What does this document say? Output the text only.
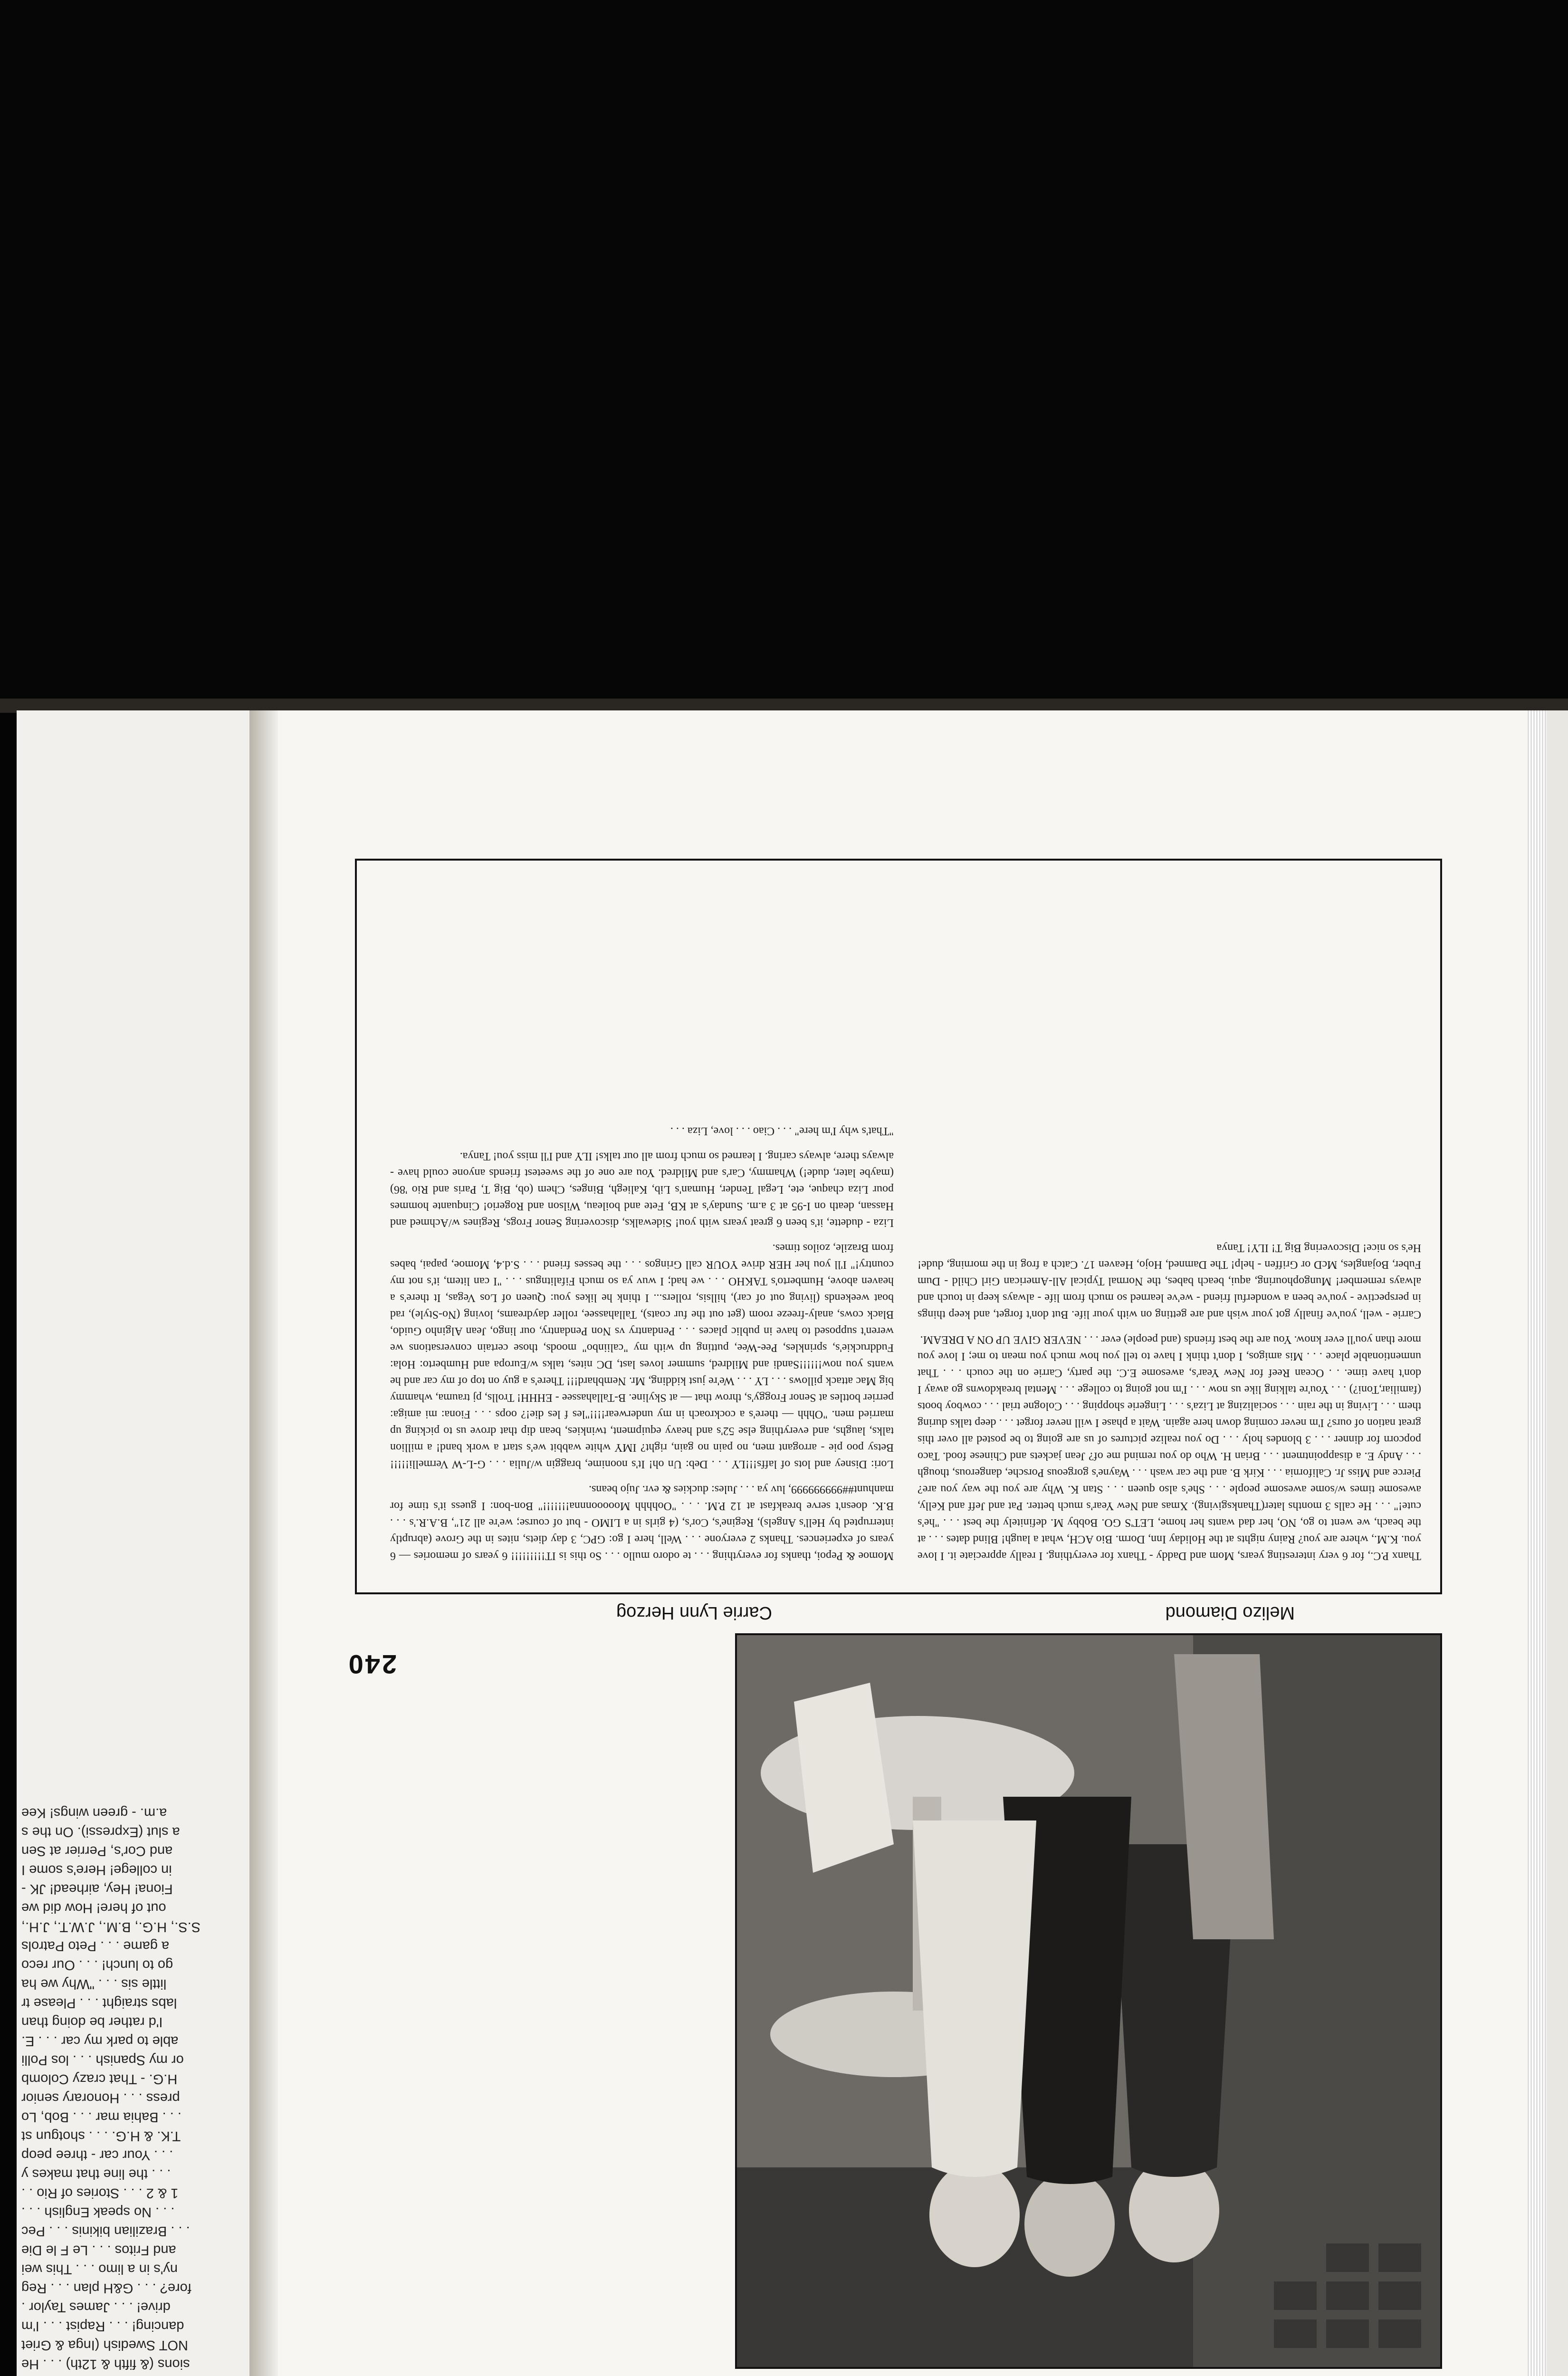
sions (& fifth & 12th) . . . He
NOT Swedish (Inga & Griet
dancing! . . . Rapist . . . I'm
drive! . . . James Taylor .
fore? . . . G&H plan . . . Reg
ny's in a limo . . . This wei
and Fritos . . . Le F le Die
. . . Brazilian bikinis . . . Pec
. . . No speak English . . .
1 & 2 . . . Stories of Rio . .
. . . the line that makes y
. . . Your car - three peop
T.K. & H.G. . . . shotgun st
. . . Bahia mar . . . Bob, Lo
press . . . Honorary senior
H.G. - That crazy Colomb
or my Spanish . . . los Polli
able to park my car . . . E.
I'd rather be doing than
labs straight . . . Please tr
little sis . . . "Why we ha
go to lunch! . . . Our reco
a game . . . Peto Patrols
S.S., H.G., B.M., J.W.T., J.H.,
out of here! How did we
Fiona! Hey, airhead! JK -
in college! Here's some I
and Cor's, Perrier at Sen
a slut (Expressi). On the s
a.m. - green wings! Kee
Melizo Diamond
Carrie Lynn Herzog

Momoe & Pepoi, thanks for everything . . . te odoro mullo . . . So this is IT!!!!!!!!! 6 years of memories — 6 years of experiences. Thanks 2 everyone . . . Well, here I go: GPC, 3 day diets, nites in the Grove (abruptly interrupted by Hell's Angels), Regine's, Cor's, (4 girls in a LIMO - but of course; we're all 21", B.A.R.'s . . . B.K. doesn't serve breakfast at 12 P.M. . . . "Oohhhh Mooooonnna!!!!!!!" Bon-bon: I guess it's time for manhunt##999999999, luv ya . . . Jules: duckies & evr. Jujo beans.

Lori: Disney and lots of laffs!!!LY . . . Deb: Un oh! It's noonime, braggin w/Julia . . . G-L-W Vermelli!!!!! Betsy poo pie - arrogant men, no pain no gain, right? IMY white wabbit we's start a work band! a million talks, laughs, and everything else 52's and heavy equipment, twinkies, bean dip that drove us to picking up married men. "Ohhh — there's a cockroach in my underwear!!!!"les f les die!? oops . . . Fiona: mi amiga: perrier bottles at Senor Froggy's, throw that — at Skyline. B-Tallahassee - EHHH! Trolls, pj trauma, whammy big Mac attack pillows . . . LY . . . We're just kidding, Mr. Nembhard!!! There's a guy on top of my car and he wants you now!!!!!!Sandi and Mildred, summer loves last, DC nites, talks w/Europa and Humberto: Hola: Fuddruckie's, sprinkles, Pee-Wee, putting up with my "caliinbo" moods, those certain conversations we weren't supposed to have in public places . . . Pendantry vs Non Pendantry, our lingo, Jean Alginho Guido, Black cows, analy-freeze room (get out the fur coats), Tallahassee, roller daydreams, loving (No-Style), rad boat weekends (living out of car), hillsis, rollers... I think he likes you: Queen of Los Vegas, It there's a heaven above, Humberto's TAKHO . . . we had; I wuv ya so much Fifalitngus . . . "I can litem, it's not my country!" I'll you her HER drive YOUR call Gringos . . . the besses friend . . . S.d.4, Momoe, papai, babes from Brazile, zoilos times.

Liza - dudette, it's been 6 great years with you! Sidewalks, discovering Senor Frogs, Regines w/Achmed and Hassan, death on I-95 at 3 a.m. Sunday's at KB, Fete and boileau, Wilson and Rogerio! Cinquante hommes pour Liza chaque, ete, Legal Tender, Human's Lib, Kaliegh, Binges, Chem (ob, Big T, Paris and Rio '86) (maybe later, dude!) Whammy, Car's and Mildred. You are one of the sweetest friends anyone could have - always there, always caring. I learned so much from all our talks! ILY and I'll miss you! Tanya.

"That's why I'm here" . . . Ciao . . . love, Liza . . .

Thanx P.C., for 6 very interesting years, Mom and Daddy - Thanx for everything. I really appreciate it. I love you. K.M., where are you? Rainy nights at the Holiday Inn, Dorm. Bio ACH, what a laugh! Blind dates . . . at the beach, we went to go, NO, her dad wants her home, LET'S GO. Bobby M. definitely the best . . . "he's cute!" . . . He calls 3 months later(Thanksgiving). Xmas and New Year's much better. Pat and Jeff and Kelly, awesome times w/some awesome people . . . She's also queen . . . Stan K. Why are you the way you are? Pierce and Miss Jr. California . . . Kirk B. and the car wash . . . Wayne's gorgeous Porsche, dangerous, though . . . Andy E. a disappointment . . . Brian H. Who do you remind me of? Jean jackets and Chinese food. Taco popcorn for dinner . . . 3 blondes holy . . . Do you realize pictures of us are going to be posted all over this great nation of ours? I'm never coming down here again. Wait a phase I will never forget . . . deep talks during them . . . Living in the rain . . . socializing at Liza's . . . Lingerie shopping . . . Cologne trial . . . cowboy boots (familiar,Toni?) . . . You're talking like us now . . . I'm not going to college . . . Mental breakdowns go away I don't have time. . . Ocean Reef for New Year's, awesome E.C. the party, Carrie on the couch . . . That unmentionable place . . . Mis amigos, I don't think I have to tell you how much you mean to me; I love you more than you'll ever know. You are the best friends (and people) ever . . . NEVER GIVE UP ON A DREAM.

Carrie - well, you've finally got your wish and are getting on with your life. But don't forget, and keep things in perspective - you've been a wonderful friend - we've learned so much from life - always keep in touch and always remember! Mungophouring, aqui, beach babes, the Normal Typical All-American Girl Child - Dum Fuber, Bojangles, McD or Griffen - help! The Damned, Hojo, Heaven 17. Catch a frog in the morning, dude! He's so nice! Discovering Big T! ILY! Tanya

240
